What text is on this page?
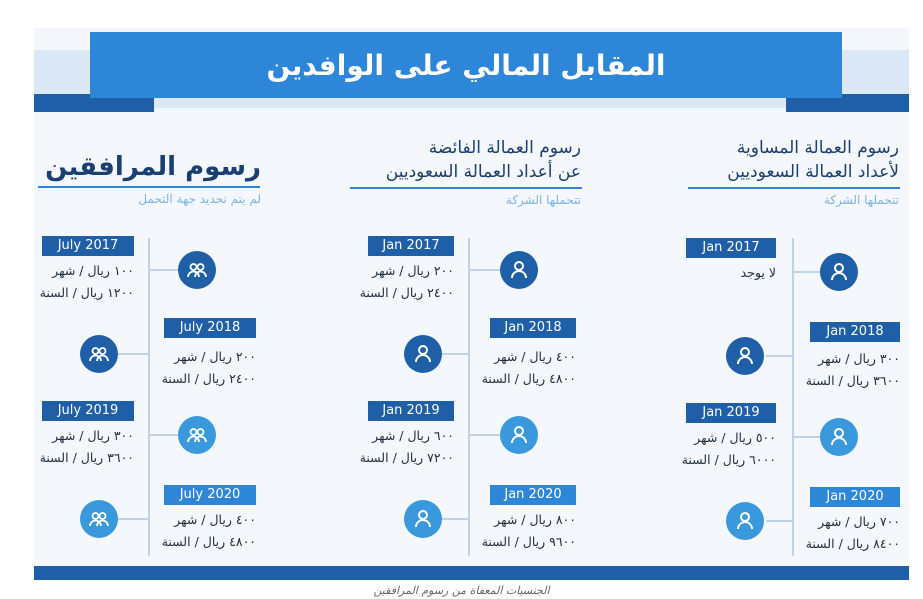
المقابل المالي على الوافدين
رسوم العمالة المساوية
لأعداد العمالة السعوديين
تتحملها الشركة
رسوم العمالة الفائضة
عن أعداد العمالة السعوديين
تتحملها الشركة
رسوم المرافقين
لم يتم تحديد جهة التحمل
Jan 2017
لا يوجد
Jan 2018
٣٠٠ ريال / شهر
٣٦٠٠ ريال / السنة
Jan 2019
٥٠٠ ريال / شهر
٦٠٠٠ ريال / السنة
Jan 2020
٧٠٠ ريال / شهر
٨٤٠٠ ريال / السنة
Jan 2017
٢٠٠ ريال / شهر
٢٤٠٠ ريال / السنة
Jan 2018
٤٠٠ ريال / شهر
٤٨٠٠ ريال / السنة
Jan 2019
٦٠٠ ريال / شهر
٧٢٠٠ ريال / السنة
Jan 2020
٨٠٠ ريال / شهر
٩٦٠٠ ريال / السنة
July 2017
١٠٠ ريال / شهر
١٢٠٠ ريال / السنة
July 2018
٢٠٠ ريال / شهر
٢٤٠٠ ريال / السنة
July 2019
٣٠٠ ريال / شهر
٣٦٠٠ ريال / السنة
July 2020
٤٠٠ ريال / شهر
٤٨٠٠ ريال / السنة
الجنسيات المعفاة من رسوم المرافقين
